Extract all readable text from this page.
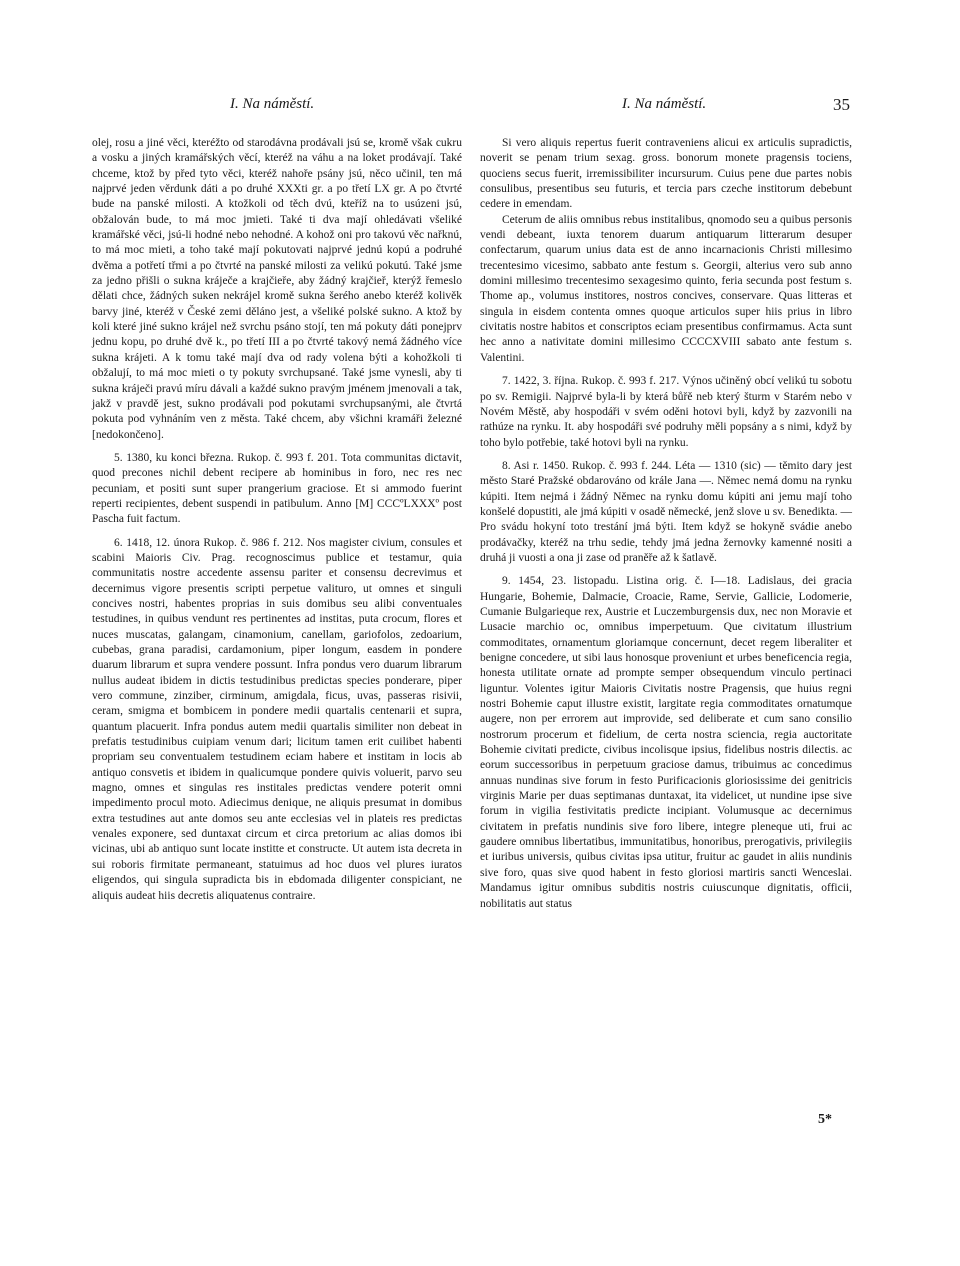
I. Na náměstí.	I. Na náměstí.	35

olej, rosu a jiné věci, kteréžto od starodávna prodávali jsú se, kromě však cukru a vosku a jiných kramářských věcí, kteréž na váhu a na loket prodávají. Také chceme, ktož by před tyto věci, kteréž nahoře psány jsú, něco učinil, ten má najprvé jeden věrdunk dáti a po druhé XXXti gr. a po třetí LX gr. A po čtvrté bude na panské milosti. A ktožkoli od těch dvú, kteříž na to usúzeni jsú, obžalován bude, to má moc jmieti. Také ti dva mají ohledávati všeliké kramářské věci, jsú-li hodné nebo nehodné. A kohož oni pro takovú věc nařknú, to má moc mieti, a toho také mají pokutovati najprvé jednú kopú a podruhé dvěma a potřetí třmi a po čtvrté na panské milosti za velikú pokutú. Také jsme za jedno přišli o sukna kráječe a krajčieře, aby žádný krajčieř, kterýž řemeslo dělati chce, žádných suken nekrájel kromě sukna šerého anebo kteréž kolivěk barvy jiné, kteréž v České zemi děláno jest, a všeliké polské sukno. A ktož by koli které jiné sukno krájel než svrchu psáno stojí, ten má pokuty dáti ponejprv jednu kopu, po druhé dvě k., po třetí III a po čtvrté takový nemá žádného více sukna krájeti. A k tomu také mají dva od rady volena býti a kohožkoli ti obžalují, to má moc mieti o ty pokuty svrchupsané. Také jsme vynesli, aby ti sukna kráječi pravú míru dávali a každé sukno pravým jménem jmenovali a tak, jakž v pravdě jest, sukno prodávali pod pokutami svrchupsanými, ale čtvrtá pokuta pod vyhnáním ven z města. Také chcem, aby všichni kramáři železné [nedokončeno].

5. 1380, ku konci března. Rukop. č. 993 f. 201. Tota communitas dictavit, quod precones nichil debent recipere ab hominibus in foro, nec res nec pecuniam, et positi sunt super prangerium graciose. Et si ammodo fuerint reperti recipientes, debent suspendi in patibulum. Anno [M] CCCºLXXXº post Pascha fuit factum.

6. 1418, 12. února Rukop. č. 986 f. 212. Nos magister civium, consules et scabini Maioris Civ. Prag. recognoscimus publice et testamur, quia communitatis nostre accedente assensu pariter et consensu decrevimus et decernimus vigore presentis scripti perpetue valituro, ut omnes et singuli concives nostri, habentes proprias in suis domibus seu alibi conventuales testudines, in quibus vendunt res pertinentes ad institas, puta crocum, flores et nuces muscatas, galangam, cinamonium, canellam, gariofolos, zedoarium, cubebas, grana paradisi, cardamonium, piper longum, easdem in pondere duarum librarum et supra vendere possunt. Infra pondus vero duarum librarum nullus audeat ibidem in dictis testudinibus predictas species ponderare, piper vero commune, zinziber, cirminum, amigdala, ficus, uvas, passeras risivii, ceram, smigma et bombicem in pondere medii quartalis centenarii et supra, quantum placuerit. Infra pondus autem medii quartalis similiter non debeat in prefatis testudinibus cuipiam venum dari; licitum tamen erit cuilibet habenti propriam seu conventualem testudinem eciam habere et institam in locis ab antiquo consvetis et ibidem in qualicumque pondere quivis voluerit, parvo seu magno, omnes et singulas res institales predictas vendere poterit omni impedimento procul moto. Adiecimus denique, ne aliquis presumat in domibus extra testudines aut ante domos seu ante ecclesias vel in plateis res predictas venales exponere, sed duntaxat circum et circa pretorium ac alias domos ibi vicinas, ubi ab antiquo sunt locate institte et constructe. Ut autem ista decreta in sui roboris firmitate permaneant, statuimus ad hoc duos vel plures iuratos eligendos, qui singula supradicta bis in ebdomada diligenter conspiciant, ne aliquis audeat hiis decretis aliquatenus contraire.

Si vero aliquis repertus fuerit contraveniens alicui ex articulis supradictis, noverit se penam trium sexag. gross. bonorum monete pragensis tociens, quociens secus fuerit, irremissibiliter incursurum. Cuius pene due partes nobis consulibus, presentibus seu futuris, et tercia pars czeche institorum debebunt cedere in emendam.

Ceterum de aliis omnibus rebus institalibus, qnomodo seu a quibus personis vendi debeant, iuxta tenorem duarum antiquarum litterarum desuper confectarum, quarum unius data est de anno incarnacionis Christi millesimo trecentesimo vicesimo, sabbato ante festum s. Georgii, alterius vero sub anno domini millesimo trecentesimo sexagesimo quinto, feria secunda post festum s. Thome ap., volumus institores, nostros concives, conservare. Quas litteras et singula in eisdem contenta omnes quoque articulos super hiis prius in libro civitatis nostre habitos et conscriptos eciam presentibus confirmamus. Acta sunt hec anno a nativitate domini millesimo CCCCXVIII sabato ante festum s. Valentini.

7. 1422, 3. října. Rukop. č. 993 f. 217. Výnos učiněný obcí velikú tu sobotu po sv. Remigii. Najprvé byla-li by která bůřě neb který šturm v Starém nebo v Novém Městě, aby hospodáři v svém oděni hotovi byli, když by zazvonili na rathúze na rynku. It. aby hospodáři své podruhy měli popsány a s nimi, když by toho bylo potřebie, také hotovi byli na rynku.

8. Asi r. 1450. Rukop. č. 993 f. 244. Léta — 1310 (sic) — těmito dary jest město Staré Pražské obdarováno od krále Jana —. Němec nemá domu na rynku kúpiti. Item nejmá i žádný Němec na rynku domu kúpiti ani jemu mají toho konšelé dopustiti, ale jmá kúpiti v osadě německé, jenž slove u sv. Benedikta. — Pro svádu hokyní toto trestání jmá býti. Item když se hokyně svádie anebo prodávačky, kteréž na trhu sedie, tehdy jmá jedna žernovky kamenné nositi a druhá ji vuosti a ona ji zase od praněře až k šatlavě.

9. 1454, 23. listopadu. Listina orig. č. I—18. Ladislaus, dei gracia Hungarie, Bohemie, Dalmacie, Croacie, Rame, Servie, Gallicie, Lodomerie, Cumanie Bulgarieque rex, Austrie et Luczemburgensis dux, nec non Moravie et Lusacie marchio oc, omnibus imperpetuum. Que civitatum illustrium commoditates, ornamentum gloriamque concernunt, decet regem liberaliter et benigne concedere, ut sibi laus honosque proveniunt et urbes beneficencia regia, honesta utilitate ornate ad prompte semper obsequendum vinculo pertinaci liguntur. Volentes igitur Maioris Civitatis nostre Pragensis, que huius regni nostri Bohemie caput illustre existit, largitate regia commoditates ornatumque augere, non per errorem aut improvide, sed deliberate et cum sano consilio nostrorum procerum et fidelium, de certa nostra sciencia, regia auctoritate Bohemie civitati predicte, civibus incolisque ipsius, fidelibus nostris dilectis. ac eorum successoribus in perpetuum graciose damus, tribuimus ac concedimus annuas nundinas sive forum in festo Purificacionis gloriosissime dei genitricis virginis Marie per duas septimanas duntaxat, ita videlicet, ut nundine ipse sive forum in vigilia festivitatis predicte incipiant. Volumusque ac decernimus civitatem in prefatis nundinis sive foro libere, integre pleneque uti, frui ac gaudere omnibus libertatibus, immunitatibus, honoribus, prerogativis, privilegiis et iuribus universis, quibus civitas ipsa utitur, fruitur ac gaudet in aliis nundinis sive foro, quas sive quod habent in festo gloriosi martiris sancti Wenceslai. Mandamus igitur omnibus subditis nostris cuiuscunque dignitatis, officii, nobilitatis aut status

5*
